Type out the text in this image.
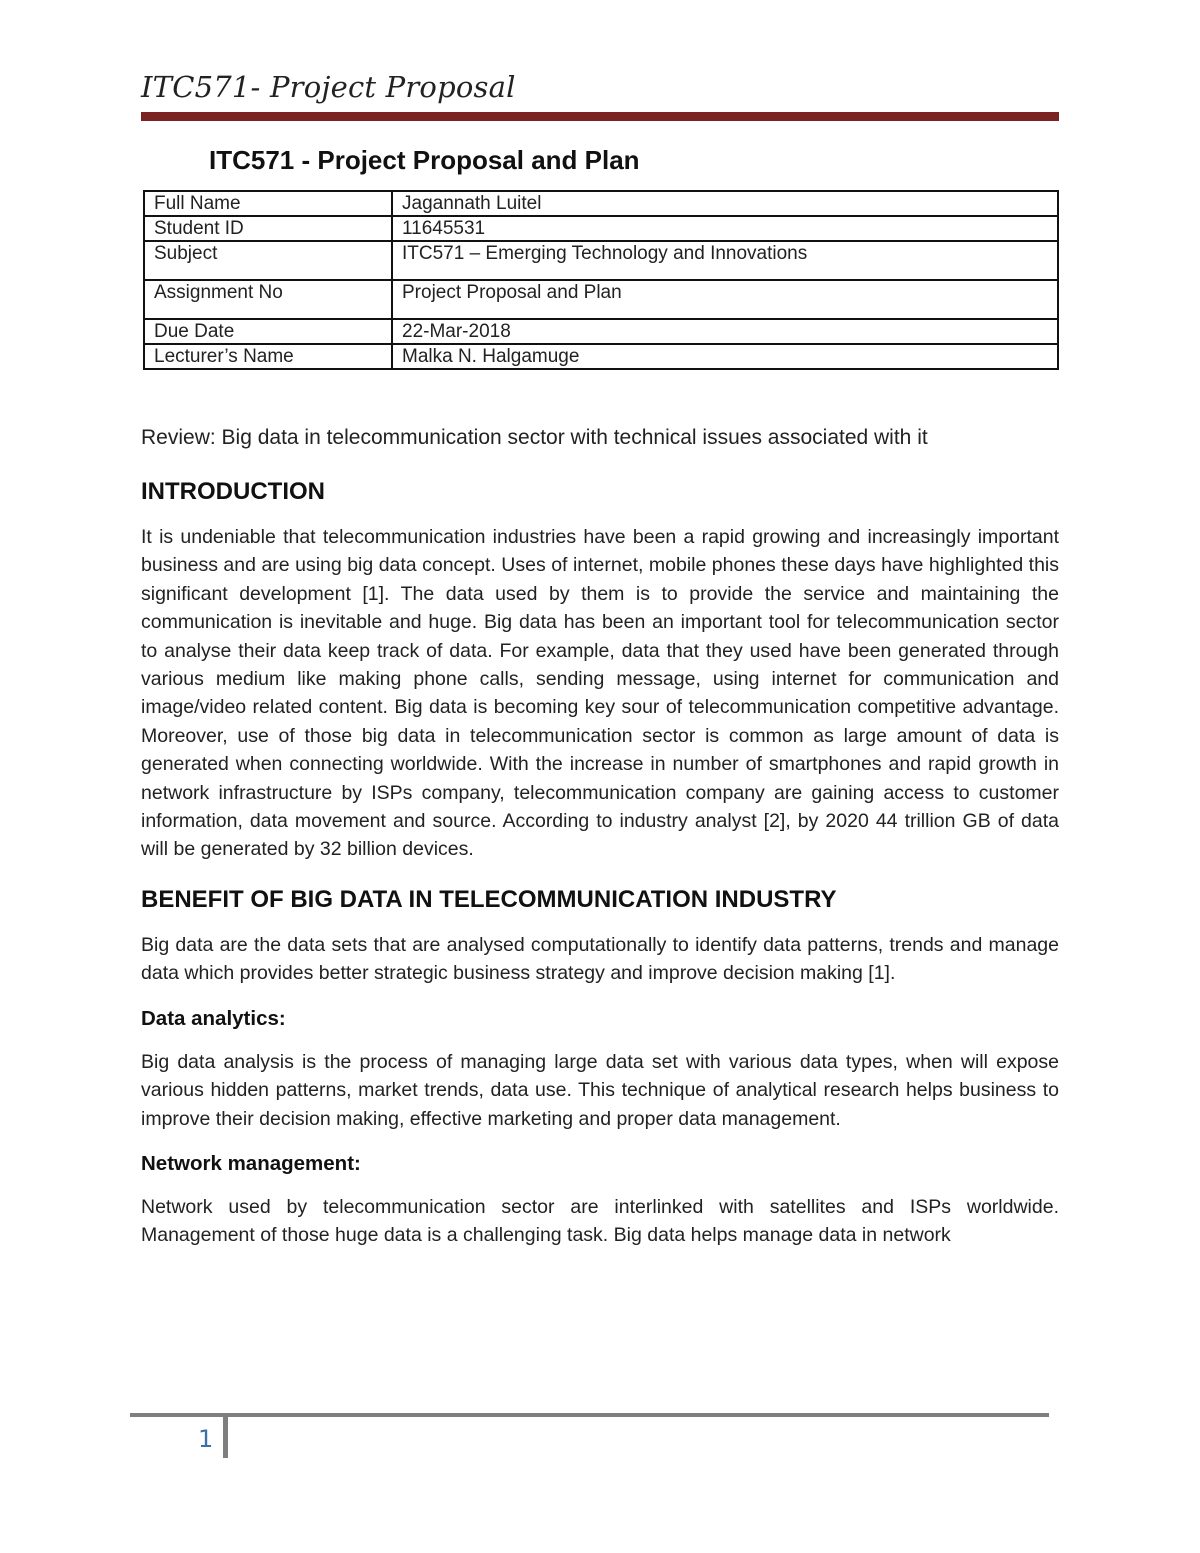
ITC571- Project Proposal
ITC571 - Project Proposal and Plan
Full Name	Jagannath Luitel
Student ID	11645531
Subject	ITC571 – Emerging Technology and Innovations
Assignment No	Project Proposal and Plan
Due Date	22-Mar-2018
Lecturer’s Name	Malka N. Halgamuge

Review: Big data in telecommunication sector with technical issues associated with it

INTRODUCTION

It is undeniable that telecommunication industries have been a rapid growing and increasingly important business and are using big data concept. Uses of internet, mobile phones these days have highlighted this significant development [1]. The data used by them is to provide the service and maintaining the communication is inevitable and huge. Big data has been an important tool for telecommunication sector to analyse their data keep track of data. For example, data that they used have been generated through various medium like making phone calls, sending message, using internet for communication and image/video related content. Big data is becoming key sour of telecommunication competitive advantage. Moreover, use of those big data in telecommunication sector is common as large amount of data is generated when connecting worldwide. With the increase in number of smartphones and rapid growth in network infrastructure by ISPs company, telecommunication company are gaining access to customer information, data movement and source. According to industry analyst [2], by 2020 44 trillion GB of data will be generated by 32 billion devices.

BENEFIT OF BIG DATA IN TELECOMMUNICATION INDUSTRY

Big data are the data sets that are analysed computationally to identify data patterns, trends and manage data which provides better strategic business strategy and improve decision making [1].

Data analytics:

Big data analysis is the process of managing large data set with various data types, when will expose various hidden patterns, market trends, data use. This technique of analytical research helps business to improve their decision making, effective marketing and proper data management.

Network management:

Network used by telecommunication sector are interlinked with satellites and ISPs worldwide. Management of those huge data is a challenging task. Big data helps manage data in network

1
